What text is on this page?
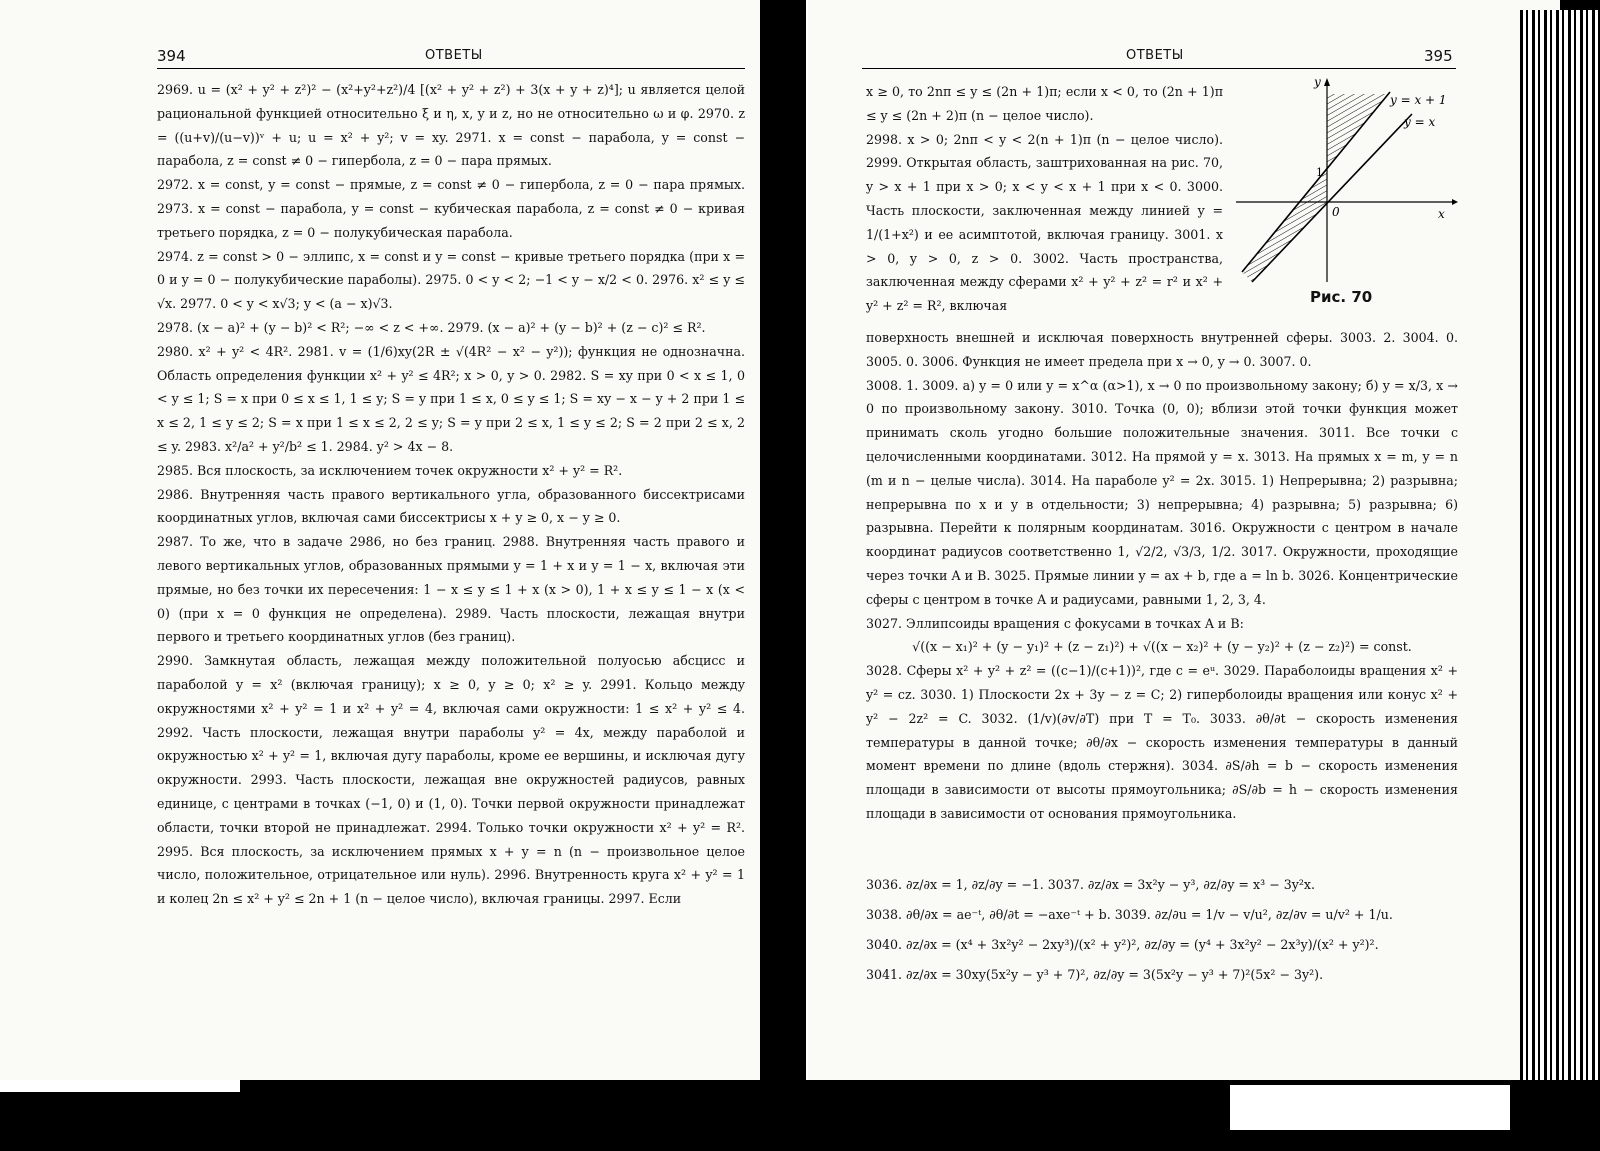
394	ОТВЕТЫ

2969. u = (x² + y² + z²)² − (x²+y²+z²)/4 [(x² + y² + z²) + 3(x + y + z)⁴]; u является целой рациональной функцией относительно ξ и η, x, y и z, но не относительно ω и φ. 2970. z = ((u+v)/(u−v))ᵛ + u; u = x² + y²; v = xy. 2971. x = const − парабола, y = const − парабола, z = const ≠ 0 − гипербола, z = 0 − пара прямых.

2972. x = const, y = const − прямые, z = const ≠ 0 − гипербола, z = 0 − пара прямых. 2973. x = const − парабола, y = const − кубическая парабола, z = const ≠ 0 − кривая третьего порядка, z = 0 − полукубическая парабола.

2974. z = const > 0 − эллипс, x = const и y = const − кривые третьего порядка (при x = 0 и y = 0 − полукубические параболы). 2975. 0 < y < 2; −1 < y − x/2 < 0. 2976. x² ≤ y ≤ √x. 2977. 0 < y < x√3; y < (a − x)√3.

2978. (x − a)² + (y − b)² < R²; −∞ < z < +∞. 2979. (x − a)² + (y − b)² + (z − c)² ≤ R².

2980. x² + y² < 4R². 2981. v = (1/6)xy(2R ± √(4R² − x² − y²)); функция не однозначна. Область определения функции x² + y² ≤ 4R²; x > 0, y > 0. 2982. S = xy при 0 < x ≤ 1, 0 < y ≤ 1; S = x при 0 ≤ x ≤ 1, 1 ≤ y; S = y при 1 ≤ x, 0 ≤ y ≤ 1; S = xy − x − y + 2 при 1 ≤ x ≤ 2, 1 ≤ y ≤ 2; S = x при 1 ≤ x ≤ 2, 2 ≤ y; S = y при 2 ≤ x, 1 ≤ y ≤ 2; S = 2 при 2 ≤ x, 2 ≤ y. 2983. x²/a² + y²/b² ≤ 1. 2984. y² > 4x − 8.

2985. Вся плоскость, за исключением точек окружности x² + y² = R².

2986. Внутренняя часть правого вертикального угла, образованного биссектрисами координатных углов, включая сами биссектрисы x + y ≥ 0, x − y ≥ 0.

2987. То же, что в задаче 2986, но без границ. 2988. Внутренняя часть правого и левого вертикальных углов, образованных прямыми y = 1 + x и y = 1 − x, включая эти прямые, но без точки их пересечения: 1 − x ≤ y ≤ 1 + x (x > 0), 1 + x ≤ y ≤ 1 − x (x < 0) (при x = 0 функция не определена). 2989. Часть плоскости, лежащая внутри первого и третьего координатных углов (без границ).

2990. Замкнутая область, лежащая между положительной полуосью абсцисс и параболой y = x² (включая границу); x ≥ 0, y ≥ 0; x² ≥ y. 2991. Кольцо между окружностями x² + y² = 1 и x² + y² = 4, включая сами окружности: 1 ≤ x² + y² ≤ 4. 2992. Часть плоскости, лежащая внутри параболы y² = 4x, между параболой и окружностью x² + y² = 1, включая дугу параболы, кроме ее вершины, и исключая дугу окружности. 2993. Часть плоскости, лежащая вне окружностей радиусов, равных единице, с центрами в точках (−1, 0) и (1, 0). Точки первой окружности принадлежат области, точки второй не принадлежат. 2994. Только точки окружности x² + y² = R². 2995. Вся плоскость, за исключением прямых x + y = n (n − произвольное целое число, положительное, отрицательное или нуль). 2996. Внутренность круга x² + y² = 1 и колец 2n ≤ x² + y² ≤ 2n + 1 (n − целое число), включая границы. 2997. Если

ОТВЕТЫ	395

x ≥ 0, то 2nπ ≤ y ≤ (2n + 1)π; если x < 0, то (2n + 1)π ≤ y ≤ (2n + 2)π (n − целое число).

2998. x > 0; 2nπ < y < 2(n + 1)π (n − целое число). 2999. Открытая область, заштрихованная на рис. 70, y > x + 1 при x > 0; x < y < x + 1 при x < 0. 3000. Часть плоскости, заключенная между линией y = 1/(1+x²) и ее асимптотой, включая границу. 3001. x > 0, y > 0, z > 0. 3002. Часть пространства, заключенная между сферами x² + y² + z² = r² и x² + y² + z² = R², включая

y
x
0
1
y = x + 1
y = x
Рис. 70

поверхность внешней и исключая поверхность внутренней сферы. 3003. 2. 3004. 0. 3005. 0. 3006. Функция не имеет предела при x → 0, y → 0. 3007. 0.

3008. 1. 3009. а) y = 0 или y = x^α (α>1), x → 0 по произвольному закону; б) y = x/3, x → 0 по произвольному закону. 3010. Точка (0, 0); вблизи этой точки функция может принимать сколь угодно большие положительные значения. 3011. Все точки с целочисленными координатами. 3012. На прямой y = x. 3013. На прямых x = m, y = n (m и n − целые числа). 3014. На параболе y² = 2x. 3015. 1) Непрерывна; 2) разрывна; непрерывна по x и y в отдельности; 3) непрерывна; 4) разрывна; 5) разрывна; 6) разрывна. Перейти к полярным координатам. 3016. Окружности с центром в начале координат радиусов соответственно 1, √2/2, √3/3, 1/2. 3017. Окружности, проходящие через точки A и B. 3025. Прямые линии y = ax + b, где a = ln b. 3026. Концентрические сферы с центром в точке A и радиусами, равными 1, 2, 3, 4.

3027. Эллипсоиды вращения с фокусами в точках A и B:

√((x − x₁)² + (y − y₁)² + (z − z₁)²) + √((x − x₂)² + (y − y₂)² + (z − z₂)²) = const.

3028. Сферы x² + y² + z² = ((c−1)/(c+1))², где c = eᵘ. 3029. Параболоиды вращения x² + y² = cz. 3030. 1) Плоскости 2x + 3y − z = C; 2) гиперболоиды вращения или конус x² + y² − 2z² = C. 3032. (1/v)(∂v/∂T) при T = T₀. 3033. ∂θ/∂t − скорость изменения температуры в данной точке; ∂θ/∂x − скорость изменения температуры в данный момент времени по длине (вдоль стержня). 3034. ∂S/∂h = b − скорость изменения площади в зависимости от высоты прямоугольника; ∂S/∂b = h − скорость изменения площади в зависимости от основания прямоугольника.

3036. ∂z/∂x = 1, ∂z/∂y = −1. 3037. ∂z/∂x = 3x²y − y³, ∂z/∂y = x³ − 3y²x.

3038. ∂θ/∂x = ae⁻ᵗ, ∂θ/∂t = −axe⁻ᵗ + b. 3039. ∂z/∂u = 1/v − v/u², ∂z/∂v = u/v² + 1/u.

3040. ∂z/∂x = (x⁴ + 3x²y² − 2xy³)/(x² + y²)², ∂z/∂y = (y⁴ + 3x²y² − 2x³y)/(x² + y²)².

3041. ∂z/∂x = 30xy(5x²y − y³ + 7)², ∂z/∂y = 3(5x²y − y³ + 7)²(5x² − 3y²).
